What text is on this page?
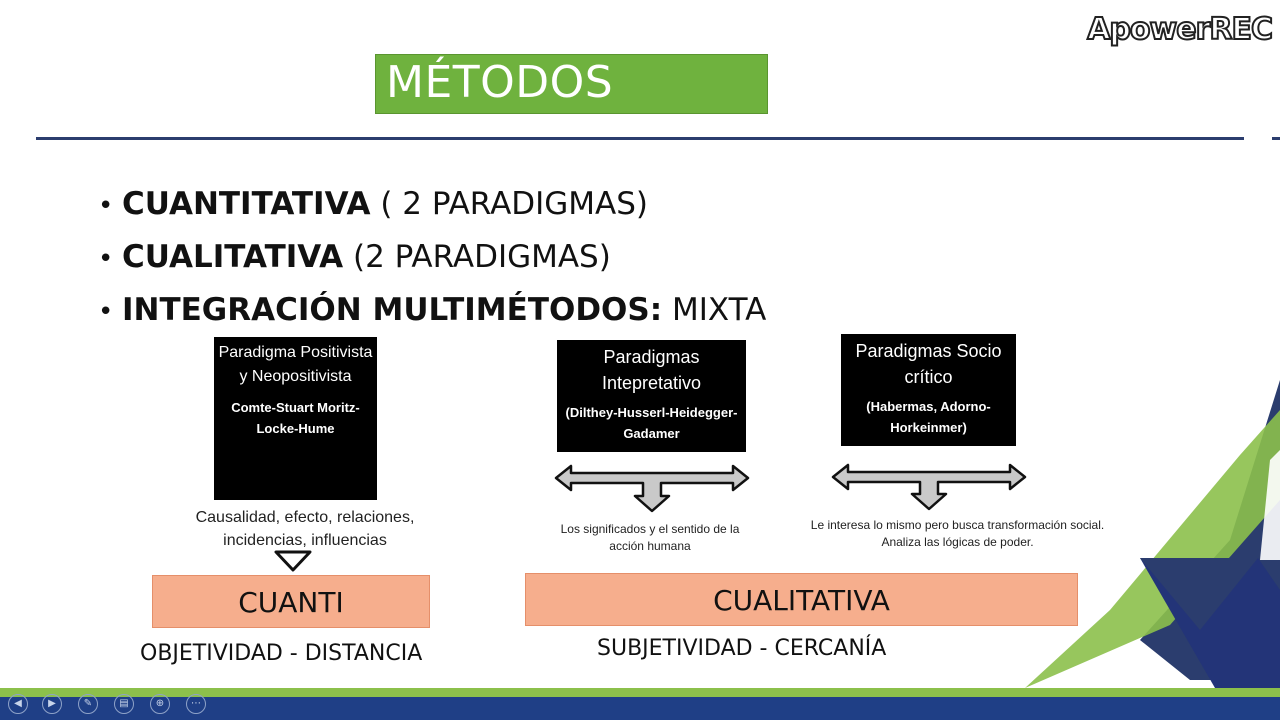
ApowerREC
MÉTODOS
• CUANTITATIVA ( 2 PARADIGMAS)
• CUALITATIVA (2 PARADIGMAS)
• INTEGRACIÓN MULTIMÉTODOS: MIXTA
Paradigma Positivista y Neopositivista
Comte-Stuart Moritz-Locke-Hume
Paradigmas Intepretativo
(Dilthey-Husserl-Heidegger-Gadamer
Paradigmas Socio crítico
(Habermas, Adorno-Horkeinmer)
Causalidad, efecto, relaciones, incidencias, influencias
Los significados y el sentido de la acción humana
Le interesa lo mismo pero busca transformación social. Analiza las lógicas de poder.
CUANTI	CUALITATIVA
OBJETIVIDAD - DISTANCIA	SUBJETIVIDAD - CERCANÍA
◀	▶	✎	▤	⊕	⋯
